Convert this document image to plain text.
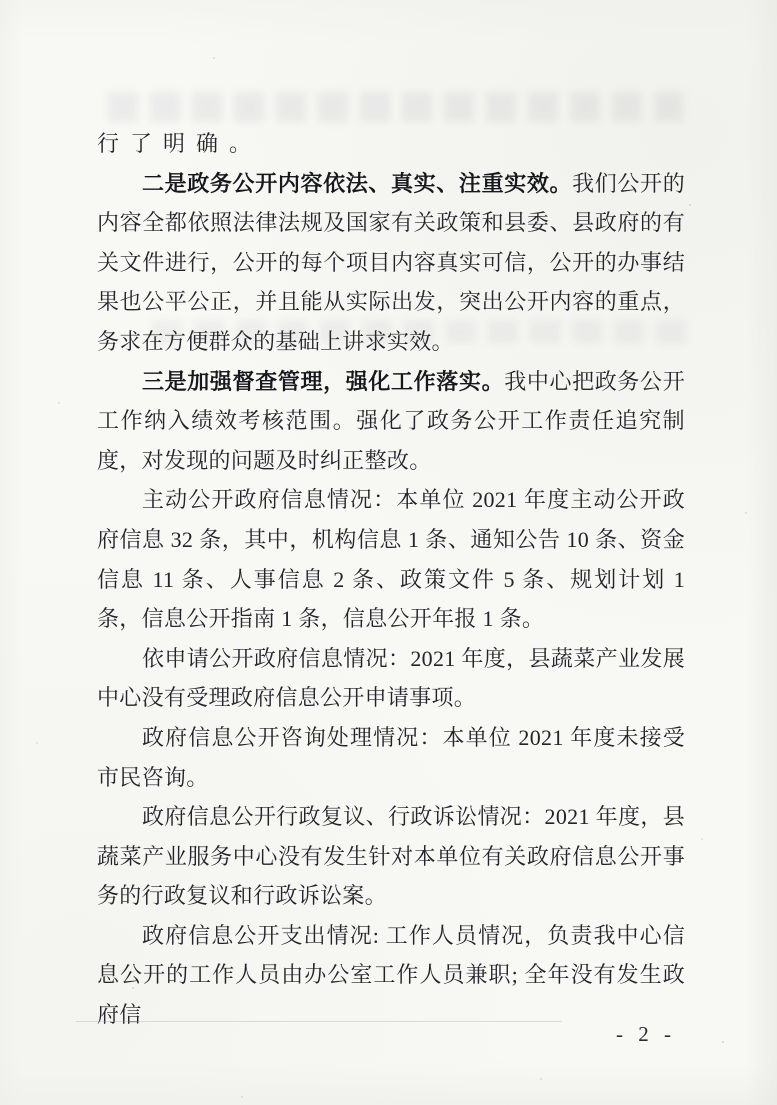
行了明确。

二是政务公开内容依法、真实、注重实效。我们公开的内容全都依照法律法规及国家有关政策和县委、县政府的有关文件进行，公开的每个项目内容真实可信，公开的办事结果也公平公正，并且能从实际出发，突出公开内容的重点，务求在方便群众的基础上讲求实效。

三是加强督查管理，强化工作落实。我中心把政务公开工作纳入绩效考核范围。强化了政务公开工作责任追究制度，对发现的问题及时纠正整改。

主动公开政府信息情况：本单位 2021 年度主动公开政府信息 32 条，其中，机构信息 1 条、通知公告 10 条、资金信息 11 条、人事信息 2 条、政策文件 5 条、规划计划 1 条，信息公开指南 1 条，信息公开年报 1 条。

依申请公开政府信息情况：2021 年度，县蔬菜产业发展中心没有受理政府信息公开申请事项。

政府信息公开咨询处理情况：本单位 2021 年度未接受市民咨询。

政府信息公开行政复议、行政诉讼情况：2021 年度，县蔬菜产业服务中心没有发生针对本单位有关政府信息公开事务的行政复议和行政诉讼案。

政府信息公开支出情况: 工作人员情况，负责我中心信息公开的工作人员由办公室工作人员兼职; 全年没有发生政府信

- 2 -
